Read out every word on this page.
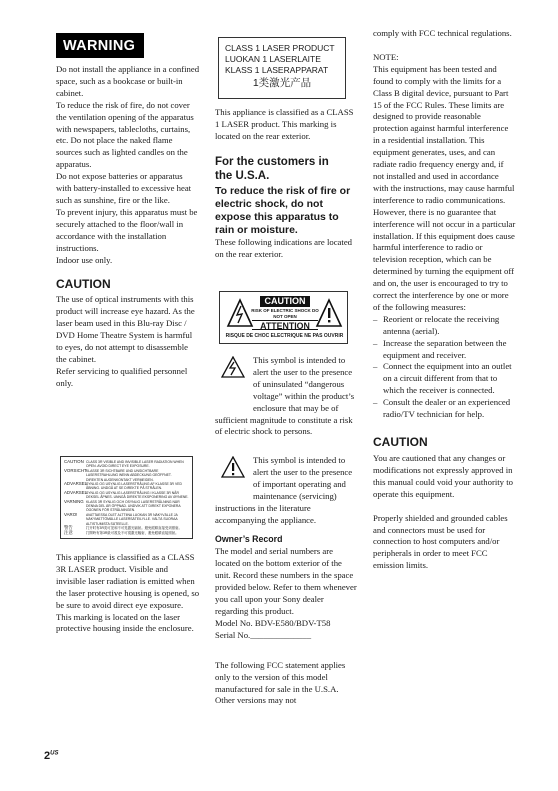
WARNING

Do not install the appliance in a confined space, such as a bookcase or built-in cabinet.

To reduce the risk of fire, do not cover the ventilation opening of the apparatus with newspapers, tablecloths, curtains, etc. Do not place the naked flame sources such as lighted candles on the apparatus.

Do not expose batteries or apparatus with battery-installed to excessive heat such as sunshine, fire or the like.

To prevent injury, this apparatus must be securely attached to the floor/wall in accordance with the installation instructions.

Indoor use only.

CAUTION

The use of optical instruments with this product will increase eye hazard. As the laser beam used in this Blu-ray Disc / DVD Home Theatre System is harmful to eyes, do not attempt to disassemble the cabinet.

Refer servicing to qualified personnel only.

CAUTION CLASS 3R VISIBLE AND INVISIBLE LASER RADIATION WHEN OPEN. AVOID DIRECT EYE EXPOSURE.
VORSICHT KLASSE 3R SICHTBARE UND UNSICHTBARE LASERSTRAHLUNG WENN ABDECKUNG GEÖFFNET. DIREKTEN AUGENKONTAKT VERMEIDEN.
ADVARSEL
SYNLIG OG USYNLIG LASERSTRÅLING AF KLASSE 3R VED ÅBNING. UNDGÅ AT SE DIREKTE PÅ STRÅLEN.
ADVARSEL
SYNLIG OG USYNLIG LASERSTRÅLING I KLASSE 3R NÅR DEKSEL ÅPNES. UNNGÅ DIREKTE EKSPONERING AV ØYNENE.
VARNING KLASS 3R SYNLIG OCH OSYNLIG LASERSTRÅLNING NÄR DENNA DEL ÄR ÖPPNAD. UNDVIK ATT DIREKT EXPONERA ÖGONEN FÖR STRÅLNINGEN.
VARO!	AVATTAESSA OLET ALTTIINA LUOKAN 3R NÄKYVÄLLE JA NÄKYMÄTTÖMÄLLE LASERSÄTEILYLLE. VÄLTÄ SUORAA ALTISTUMISTA SÄTEELLE.
警告	打开时有3R类可见和不可见激光辐射。避免眼睛直接受到照射。
注意	打開時有第3R級可視及不可視激光輻射，避免眼睛直接照射。

This appliance is classified as a CLASS 3R LASER product. Visible and invisible laser radiation is emitted when the laser protective housing is opened, so be sure to avoid direct eye exposure.

This marking is located on the laser protective housing inside the enclosure.

CLASS 1 LASER PRODUCT
LUOKAN 1 LASERLAITE
KLASS 1 LASERAPPARAT
1类激光产品

This appliance is classified as a CLASS 1 LASER product. This marking is located on the rear exterior.

For the customers in
the U.S.A.
To reduce the risk of fire or electric shock, do not expose this apparatus to rain or moisture.

These following indications are located on the rear exterior.

CAUTION
RISK OF ELECTRIC SHOCK DO NOT OPEN
ATTENTION
RISQUE DE CHOC ELECTRIQUE NE PAS OUVRIR

This symbol is intended to alert the user to the presence of uninsulated “dangerous voltage” within the product’s enclosure that may be of sufficient magnitude to constitute a risk of electric shock to persons.

This symbol is intended to alert the user to the presence of important operating and maintenance (servicing) instructions in the literature accompanying the appliance.

Owner’s Record

The model and serial numbers are located on the bottom exterior of the unit. Record these numbers in the space provided below. Refer to them whenever you call upon your Sony dealer regarding this product.

Model No. BDV-E580/BDV-T58

Serial No.______________

The following FCC statement applies only to the version of this model manufactured for sale in the U.S.A. Other versions may not

comply with FCC technical regulations.

NOTE:

This equipment has been tested and found to comply with the limits for a Class B digital device, pursuant to Part 15 of the FCC Rules. These limits are designed to provide reasonable protection against harmful interference in a residential installation. This equipment generates, uses, and can radiate radio frequency energy and, if not installed and used in accordance with the instructions, may cause harmful interference to radio communications. However, there is no guarantee that interference will not occur in a particular installation. If this equipment does cause harmful interference to radio or television reception, which can be determined by turning the equipment off and on, the user is encouraged to try to correct the interference by one or more of the following measures:

– Reorient or relocate the receiving antenna (aerial).
– Increase the separation between the equipment and receiver.
– Connect the equipment into an outlet on a circuit different from that to which the receiver is connected.
– Consult the dealer or an experienced radio/TV technician for help.
CAUTION

You are cautioned that any changes or modifications not expressly approved in this manual could void your authority to operate this equipment.

Properly shielded and grounded cables and connectors must be used for connection to host computers and/or peripherals in order to meet FCC emission limits.

$2^{US}$
